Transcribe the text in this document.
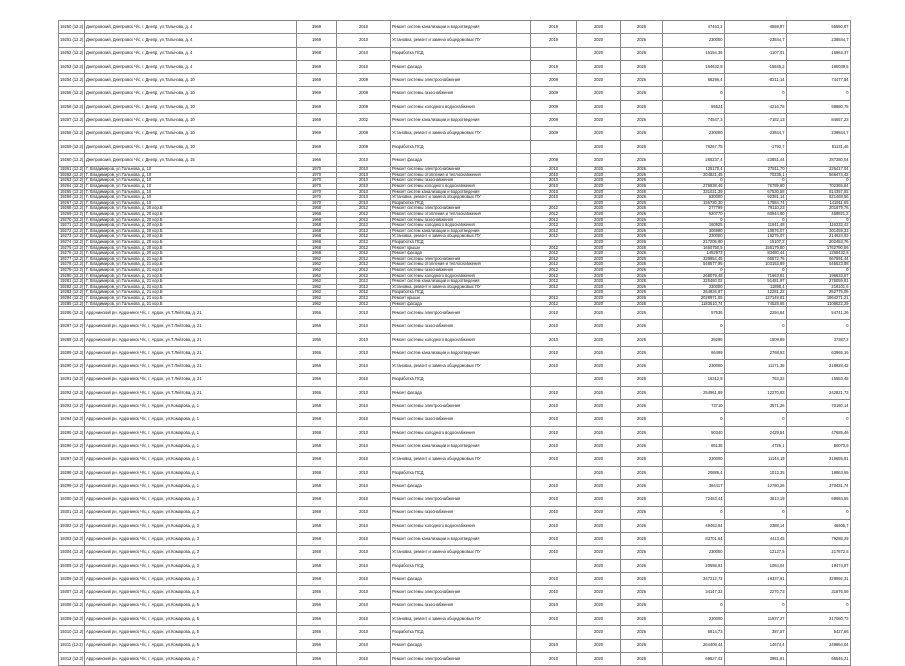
19250 (12.2)	Днепровский, Днепровск Ч/с, г. Днепр, ул.Тальнова, д. 4	1969	2010	Ремонт систем канализации и водоотведения	2019	2020	2026	47463,2	-4559,97	55560,87
19251 (12.2)	Днепровский, Днепровск Ч/с, г. Днепр, ул.Тальнова, д. 4	1969	2010	Установка, ремонт и замена общедомовых ПУ	2019	2020	2026	230000	-23844,7	238844,7
19252 (12.2)	Днепровский, Днепровск Ч/с, г. Днепр, ул.Тальнова, д. 4	1968	2010	Разработка ПСД		2020	2026	15154,36	-1107,01	15963,37
19253 (12.2)	Днепровский, Днепровск Ч/с, г. Днепр, ул.Тальнова, д. 4	1969	2010	Ремонт фасада	2019	2020	2026	164632,8	-15845,2	180039,5
19254 (12.2)	Днепровский, Днепровск Ч/с, г. Днепр, ул.Тальнова, д. 10	1969	2009	Ремонт системы электроснабжения	2009	2020	2026	66296,4	-8211,14	74477,54
19255 (12.2)	Днепровский, Днепровск Ч/с, г. Днепр, ул.Тальнова, д. 10	1969	2009	Ремонт системы газоснабжения	2009	2020	2026	0	0	0
19256 (12.2)	Днепровский, Днепровск Ч/с, г. Днепр, ул.Тальнова, д. 10	1969	2009	Ремонт системы холодного водоснабжения	2009	2020	2026	55524	-4216,78	59880,78
19257 (12.2)	Днепровский, Днепровск Ч/с, г. Днепр, ул.Тальнова, д. 10	1969	2002	Ремонт систем канализации и водоотведения	2009	2020	2026	74547,3	-7182,13	84657,23
19258 (12.2)	Днепровский, Днепровск Ч/с, г. Днепр, ул.Тальнова, д. 10	1969	2009	Установка, ремонт и замена общедомовых ПУ	2009	2020	2026	230000	-23844,7	238844,7
19259 (12.2)	Днепровский, Днепровск Ч/с, г. Днепр, ул.Тальнова, д. 10	1969	2009	Разработка ПСД		2020	2026	76267,75	-1793,7	81131,46
19260 (12.2)	Днепровский, Днепровск Ч/с, г. Днепр, ул.Тальнова, д. 15	1966	2010	Ремонт фасада	2009	2020	2026	265237,4	-23851,44	287280,04
19261 (12.2)	Г. Владимиров, ул.Тальнова, д. 10	1970	2010	Ремонт системы электроснабжения	2010	2020	2026	125170,4	27811,70	226417,04
19262 (12.2)	Г. Владимиров, ул.Тальнова, д. 10	1970	2010	Ремонт системы отопления и теплоснабжения	2010	2020	2026	204821,45	70235,1	566474,42
19263 (12.2)	Г. Владимиров, ул.Тальнова, д. 10	1970	2010	Ремонт системы газоснабжения	2010	2020	2026	0	0	0
19264 (12.2)	Г. Владимиров, ул.Тальнова, д. 10	1970	2010	Ремонт системы холодного водоснабжения	2010	2020	2026	276838,46	76789,80	702365,84
19265 (12.2)	Г. Владимиров, ул.Тальнова, д. 10	1970	2010	Ремонт систем канализации и водоотведения	2010	2020	2026	331021,39	67530,58	814357,92
19266 (12.2)	Г. Владимиров, ул.Тальнова, д. 10	1970	2010	Установка, ремонт и замена общедомовых ПУ	2010	2020	2026	530000	92381,14	621468,56
19267 (12.2)	Г. Владимиров, ул.Тальнова, д. 10	1970	2010	Разработка ПСД		2020	2026	156730,30	17584,74	141911,65
19268 (12.2)	Г. Владимиров, ул.Тальнова, д. 20 кор.Б	1968	2012	Ремонт системы электроснабжения	2012	2020	2026	277799	79110,23	201679,76
19269 (12.2)	Г. Владимиров, ул.Тальнова, д. 20 кор.Б	1968	2012	Ремонт системы отопления и теплоснабжения	2012	2020	2026	520770	60944,80	459821,2
19270 (12.2)	Г. Владимиров, ул.Тальнова, д. 20 кор.Б	1968	2012	Ремонт системы газоснабжения	2012	2020	2026	0	0	0
19271 (12.2)	Г. Владимиров, ул.Тальнова, д. 20 кор.Б	1968	2012	Ремонт системы холодного водоснабжения	2012	2020	2026	160925	11641,48	116233,42
19272 (12.2)	Г. Владимиров, ул.Тальнова, д. 20 кор.Б	1968	2012	Ремонт систем канализации и водоотведения	2012	2020	2026	306990	10876,07	301459,33
19273 (12.2)	Г. Владимиров, ул.Тальнова, д. 20 кор.Б	1968	2012	Установка, ремонт и замена общедомовых ПУ	2012	2020	2026	230000	15275,07	214624,93
19274 (12.2)	Г. Владимиров, ул.Тальнова, д. 20 кор.Б	1968	2012	Разработка ПСД		2020	2026	217205,80	15107,2	202453,76
19275 (12.2)	Г. Владимиров, ул.Тальнова, д. 20 кор.Б	1968	2012	Ремонт крыши	2012	2020	2026	1660750,5	158179,80	1762790,66
19276 (12.2)	Г. Владимиров, ул.Тальнова, д. 20 кор.Б	1968	2012	Ремонт фасада	2012	2020	2026	1452973	83480,44	1269432,8
19277 (12.2)	Г. Владимиров, ул.Тальнова, д. 21 кор.Б	1962	2012	Ремонт системы электроснабжения	2012	2020	2026	328854,45	65572,76	667591,44
19278 (12.2)	Г. Владимиров, ул.Тальнова, д. 21 кор.Б	1962	2012	Ремонт системы отопления и теплоснабжения	2012	2020	2026	548577,95	103153,89	645623,88
19279 (12.2)	Г. Владимиров, ул.Тальнова, д. 21 кор.Б	1962	2012	Ремонт системы газоснабжения	2012	2020	2026	0	0	0
19280 (12.2)	Г. Владимиров, ул.Тальнова, д. 21 кор.Б	1962	2012	Ремонт системы холодного водоснабжения	2012	2020	2026	268079,48	71663,81	196633,67
19281 (12.2)	Г. Владимиров, ул.Тальнова, д. 21 кор.Б	1962	2012	Ремонт систем канализации и водоотведения	2012	2020	2026	325460,02	91481,97	276059,81
19282 (12.2)	Г. Владимиров, ул.Тальнова, д. 21 кор.Б	1962	2012	Установка, ремонт и замена общедомовых ПУ	2012	2020	2026	230000	11898,4	218101,6
19283 (12.2)	Г. Владимиров, ул.Тальнова, д. 21 кор.Б	1962	2012	Разработка ПСД		2020	2026	264826,87	12281,22	252775,05
19284 (12.2)	Г. Владимиров, ул.Тальнова, д. 21 кор.Б	1962	2012	Ремонт крыши	2012	2020	2026	2028971,05	127148,81	1864271,21
19285 (12.2)	Г. Владимиров, ул.Тальнова, д. 21 кор.Б	1962	2012	Ремонт фасада	2012	2020	2026	1183510,74	74528,65	1108622,29
19286 (12.2)	Ардонинский рн, Ардонинск Ч/с, г. Ардон, ул.Т.Лейтова, д. 21	1956	2010	Ремонт системы электроснабжения	2010	2020	2026	57536	2294,84	54741,26
19287 (12.2)	Ардонинский рн, Ардонинск Ч/с, г. Ардон, ул.Т.Лейтова, д. 21	1956	2010	Ремонт системы газоснабжения	2010	2020	2026	0	0	0
19288 (12.2)	Ардонинский рн, Ардонинск Ч/с, г. Ардон, ул.Т.Лейтова, д. 21	1956	2010	Ремонт системы холодного водоснабжения	2010	2020	2026	39286	1509,89	37387,2
19289 (12.2)	Ардонинский рн, Ардонинск Ч/с, г. Ардон, ул.Т.Лейтова, д. 21	1956	2010	Ремонт систем канализации и водоотведения	2010	2020	2026	66499	2768,93	63965,16
19290 (12.2)	Ардонинский рн, Ардонинск Ч/с, г. Ардон, ул.Т.Лейтова, д. 21	1956	2010	Установка, ремонт и замена общедомовых ПУ	2010	2020	2026	230000	11171,38	218828,42
19291 (12.2)	Ардонинский рн, Ардонинск Ч/с, г. Ардон, ул.Т.Лейтова, д. 21	1956	2010	Разработка ПСД		2020	2026	16312,8	763,32	15553,48
19292 (12.2)	Ардонинский рн, Ардонинск Ч/с, г. Ардон, ул.Т.Лейтова, д. 21	1956	2010	Ремонт фасада	2010	2020	2026	254961,89	12270,93	242821,73
19293 (12.2)	Ардонинский рн, Ардонинск Ч/с, г. Ардон, ул.Комарова, д. 1	1958	2010	Ремонт системы электроснабжения	2010	2020	2026	73710	3571,26	70180,14
19294 (12.2)	Ардонинский рн, Ардонинск Ч/с, г. Ардон, ул.Комарова, д. 1	1958	2010	Ремонт системы газоснабжения	2010	2020	2026	0	0	0
19295 (12.2)	Ардонинский рн, Ардонинск Ч/с, г. Ардон, ул.Комарова, д. 1	1958	2010	Ремонт системы холодного водоснабжения	2010	2020	2026	50340	2429,54	47685,46
19296 (12.2)	Ардонинский рн, Ардонинск Ч/с, г. Ардон, ул.Комарова, д. 1	1958	2010	Ремонт систем канализации и водоотведения	2010	2020	2026	85136	4725,1	80070,9
19297 (12.2)	Ардонинский рн, Ардонинск Ч/с, г. Ардон, ул.Комарова, д. 1	1958	2010	Установка, ремонт и замена общедомовых ПУ	2010	2020	2026	230000	11144,19	218655,81
19298 (12.2)	Ардонинский рн, Ардонинск Ч/с, г. Ардон, ул.Комарова, д. 1	1958	2010	Разработка ПСД		2020	2026	20886,4	1013,35	19863,65
19299 (12.2)	Ардонинский рн, Ардонинск Ч/с, г. Ардон, ул.Комарова, д. 1	1958	2010	Ремонт фасада	2010	2020	2026	384417	12780,26	370431,74
19300 (12.2)	Ардонинский рн, Ардонинск Ч/с, г. Ардон, ул.Комарова, д. 3	1958	2010	Ремонт системы электроснабжения	2010	2020	2026	72453,44	3813,19	69684,55
19301 (12.2)	Ардонинский рн, Ардонинск Ч/с, г. Ардон, ул.Комарова, д. 3	1958	2010	Ремонт системы газоснабжения	2010	2020	2026	0	0	0
19302 (12.2)	Ардонинский рн, Ардонинск Ч/с, г. Ардон, ул.Комарова, д. 3	1958	2010	Ремонт системы холодного водоснабжения	2010	2020	2026	49463,84	2388,14	46605,7
19303 (12.2)	Ардонинский рн, Ардонинск Ч/с, г. Ардон, ул.Комарова, д. 3	1958	2010	Ремонт систем канализации и водоотведения	2010	2020	2026	83701,64	4413,45	79288,29
19304 (12.2)	Ардонинский рн, Ардонинск Ч/с, г. Ардон, ул.Комарова, д. 3	1958	2010	Установка, ремонт и замена общедомовых ПУ	2010	2020	2026	230000	12127,5	217872,5
19305 (12.2)	Ардонинский рн, Ардонинск Ч/с, г. Ардон, ул.Комарова, д. 3	1958	2010	Разработка ПСД		2020	2026	20558,91	1084,04	19474,87
19306 (12.2)	Ардонинский рн, Ардонинск Ч/с, г. Ардон, ул.Комарова, д. 3	1958	2010	Ремонт фасада	2010	2020	2026	347212,72	18337,61	328992,31
19307 (12.2)	Ардонинский рн, Ардонинск Ч/с, г. Ардон, ул.Комарова, д. 5	1956	2010	Ремонт системы электроснабжения	2010	2020	2026	34147,32	2270,73	31876,59
19308 (12.2)	Ардонинский рн, Ардонинск Ч/с, г. Ардон, ул.Комарова, д. 5	1956	2010	Ремонт системы газоснабжения	2010	2020	2026	0	0	0
19309 (12.2)	Ардонинский рн, Ардонинск Ч/с, г. Ардон, ул.Комарова, д. 5	1956	2010	Установка, ремонт и замена общедомовых ПУ	2010	2020	2026	230000	11937,27	217080,73
19310 (12.2)	Ардонинский рн, Ардонинск Ч/с, г. Ардон, ул.Комарова, д. 5	1956	2010	Разработка ПСД		2020	2026	5814,73	387,07	5427,66
19311 (12.2)	Ардонинский рн, Ардонинск Ч/с, г. Ардон, ул.Комарова, д. 5	1956	2010	Ремонт фасада	2010	2020	2026	264408,44	14674,4	249964,04
19312 (12.2)	Ардонинский рн, Ардонинск Ч/с, г. Ардон, ул.Комарова, д. 7	1956	2010	Ремонт системы электроснабжения	2010	2020	2026	69527,02	3981,81	65545,21
